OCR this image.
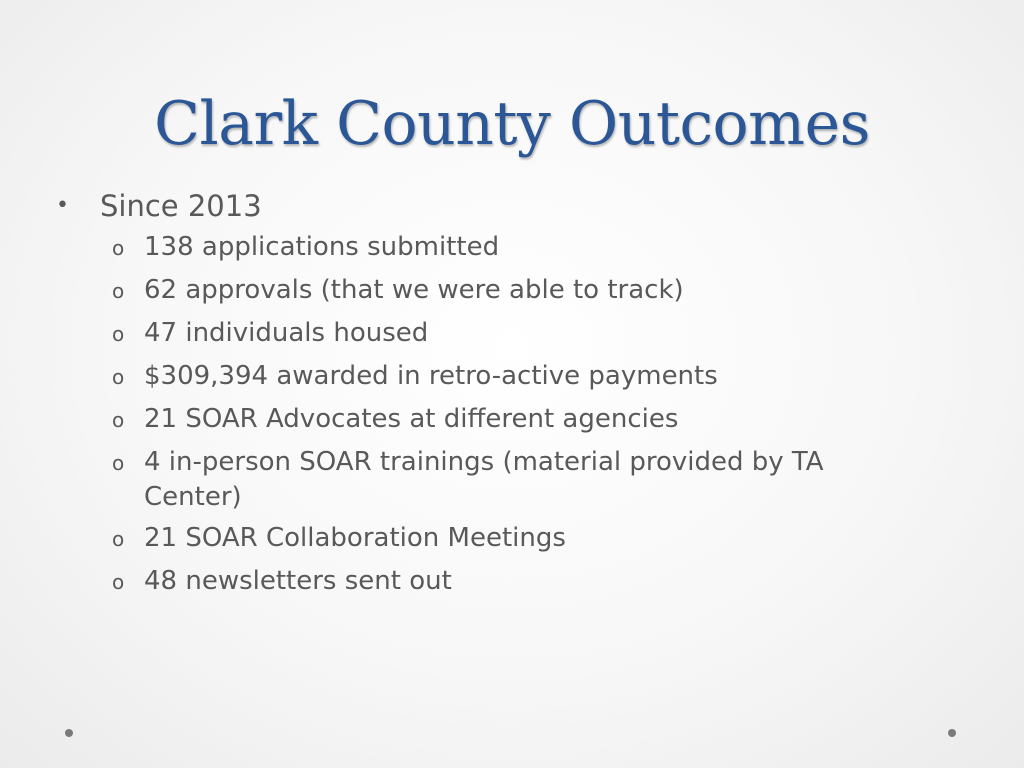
Clark County Outcomes
•	Since 2013
o 138 applications submitted
o 62 approvals (that we were able to track)
o 47 individuals housed
o $309,394 awarded in retro-active payments
o 21 SOAR Advocates at different agencies
o 4 in-person SOAR trainings (material provided by TA Center)
o 21 SOAR Collaboration Meetings
o 48 newsletters sent out
